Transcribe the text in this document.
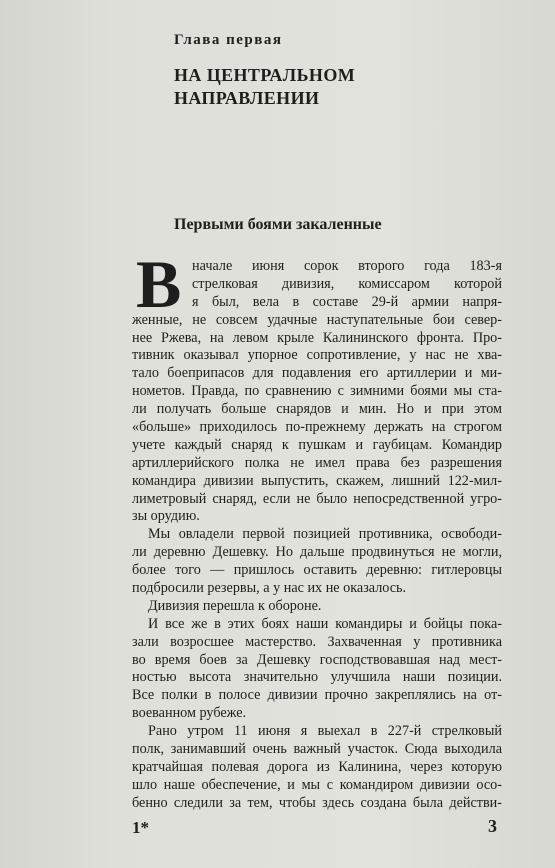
Глава первая
НА ЦЕНТРАЛЬНОМ
НАПРАВЛЕНИИ
Первыми боями закаленные
В начале июня сорок второго года 183-я
стрелковая дивизия, комиссаром которой
я был, вела в составе 29-й армии напря-
женные, не совсем удачные наступательные бои север-
нее Ржева, на левом крыле Калининского фронта. Про-
тивник оказывал упорное сопротивление, у нас не хва-
тало боеприпасов для подавления его артиллерии и ми-
нометов. Правда, по сравнению с зимними боями мы ста-
ли получать больше снарядов и мин. Но и при этом
«больше» приходилось по-прежнему держать на строгом
учете каждый снаряд к пушкам и гаубицам. Командир
артиллерийского полка не имел права без разрешения
командира дивизии выпустить, скажем, лишний 122-мил-
лиметровый снаряд, если не было непосредственной угро-
зы орудию.
Мы овладели первой позицией противника, освободи-
ли деревню Дешевку. Но дальше продвинуться не могли,
более того — пришлось оставить деревню: гитлеровцы
подбросили резервы, а у нас их не оказалось.
Дивизия перешла к обороне.
И все же в этих боях наши командиры и бойцы пока-
зали возросшее мастерство. Захваченная у противника
во время боев за Дешевку господствовавшая над мест-
ностью высота значительно улучшила наши позиции.
Все полки в полосе дивизии прочно закреплялись на от-
воеванном рубеже.
Рано утром 11 июня я выехал в 227-й стрелковый
полк, занимавший очень важный участок. Сюда выходила
кратчайшая полевая дорога из Калинина, через которую
шло наше обеспечение, и мы с командиром дивизии осо-
бенно следили за тем, чтобы здесь создана была действи-
1*	3
